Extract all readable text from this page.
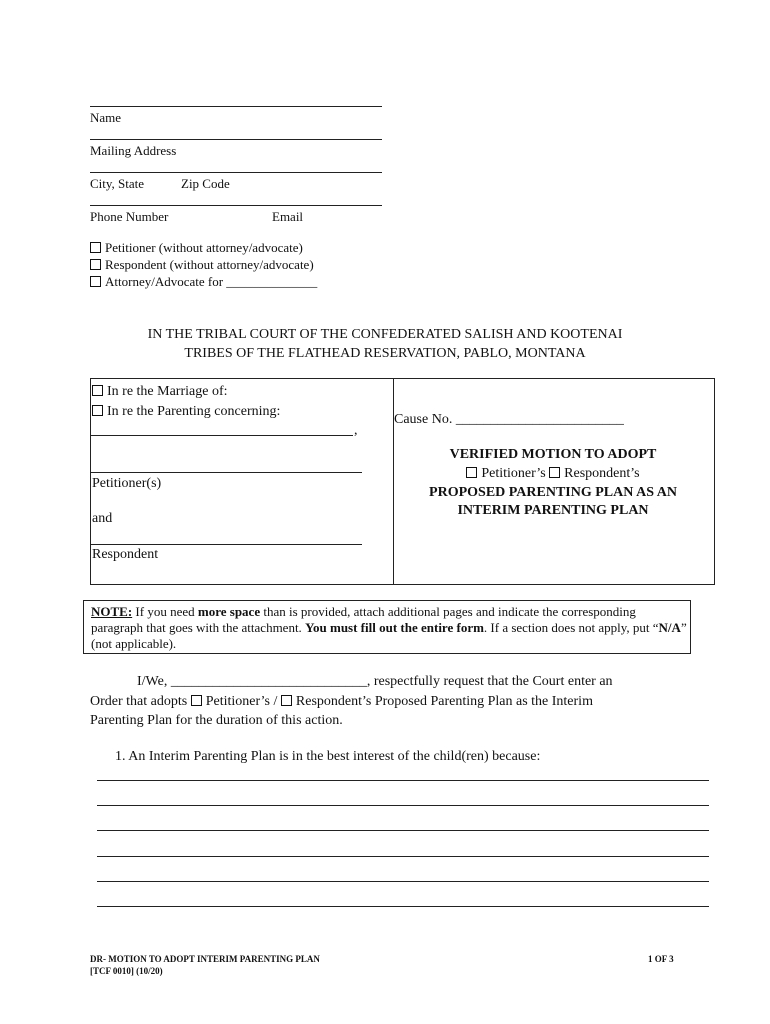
Name
Mailing Address
City, State	Zip Code
Phone Number	Email
Petitioner (without attorney/advocate)
Respondent (without attorney/advocate)
Attorney/Advocate for ______________
IN THE TRIBAL COURT OF THE CONFEDERATED SALISH AND KOOTENAI
TRIBES OF THE FLATHEAD RESERVATION, PABLO, MONTANA
In re the Marriage of:
In re the Parenting concerning:
,
Petitioner(s)
and
Respondent
Cause No. ________________________
VERIFIED MOTION TO ADOPT
Petitioner’s Respondent’s
PROPOSED PARENTING PLAN AS AN
INTERIM PARENTING PLAN
NOTE: If you need more space than is provided, attach additional pages and indicate the corresponding paragraph that goes with the attachment. You must fill out the entire form. If a section does not apply, put “N/A” (not applicable).
I/We, ____________________________, respectfully request that the Court enter an
Order that adopts Petitioner’s / Respondent’s Proposed Parenting Plan as the Interim
Parenting Plan for the duration of this action.
1. An Interim Parenting Plan is in the best interest of the child(ren) because:
DR- MOTION TO ADOPT INTERIM PARENTING PLAN
[TCF 0010] (10/20)
1 OF 3
